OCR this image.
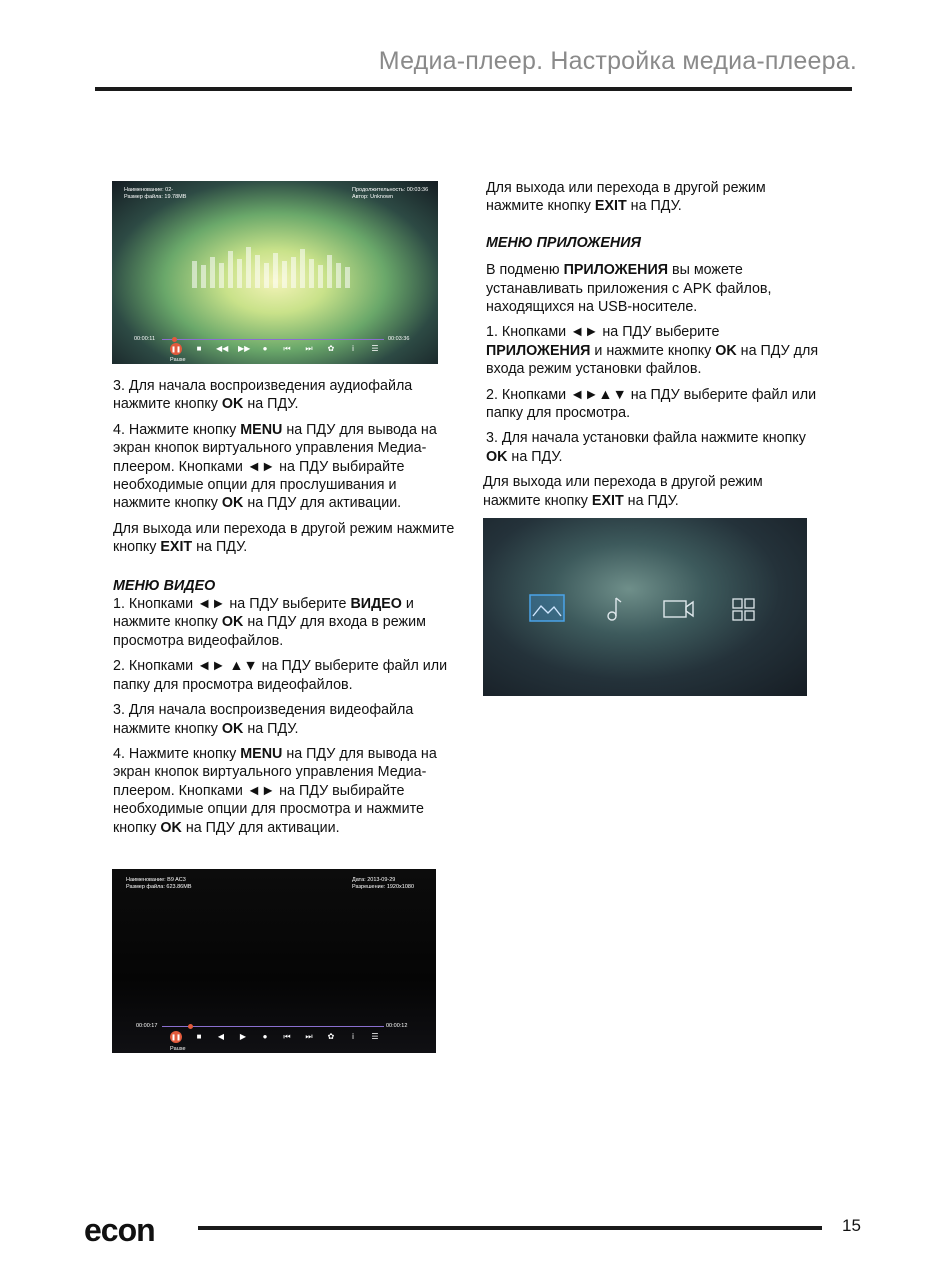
Медиа-плеер. Настройка медиа-плеера.
Наименование: 02-
Размер файла: 19.78MB
Продолжительность: 00:03:36
Автор: Unknown
00:00:11	00:03:36
❚❚	■	◀◀ ▶▶	●	⏮ ⏭ ✿	i	☰
Pause

3. Для начала воспроизведения аудиофайла нажмите кнопку OK на ПДУ.

4. Нажмите кнопку MENU на ПДУ для вывода на экран кнопок виртуального управления Медиа-плеером. Кнопками ◄► на ПДУ выбирайте необходимые опции для прослушивания и нажмите кнопку OK на ПДУ для активации.

Для выхода или перехода в другой режим нажмите кнопку EXIT на ПДУ.

МЕНЮ ВИДЕО

1. Кнопками ◄► на ПДУ выберите ВИДЕО и нажмите кнопку OK на ПДУ для входа в режим просмотра видеофайлов.

2. Кнопками ◄► ▲▼ на ПДУ выберите файл или папку для просмотра видеофайлов.

3. Для начала воспроизведения видеофайла нажмите кнопку OK на ПДУ.

4. Нажмите кнопку MENU на ПДУ для вывода на экран кнопок виртуального управления Медиа-плеером. Кнопками ◄► на ПДУ выбирайте необходимые опции для просмотра и нажмите кнопку OK на ПДУ для активации.

Наименование: B9 AC3
Размер файла: 623.86MB
Дата: 2013-09-29
Разрешение: 1920x1080
00:00:17	00:00:12
❚❚	■	◀ ▶	●	⏮ ⏭ ✿	i	☰
Pause

Для выхода или перехода в другой режим нажмите кнопку EXIT на ПДУ.

МЕНЮ ПРИЛОЖЕНИЯ

В подменю ПРИЛОЖЕНИЯ вы можете устанавливать приложения с APK файлов, находящихся на USB-носителе.

1. Кнопками ◄► на ПДУ выберите ПРИЛОЖЕНИЯ и нажмите кнопку OK на ПДУ для входа режим установки файлов.

2. Кнопками ◄►▲▼ на ПДУ выберите файл или папку для просмотра.

3. Для начала установки файла нажмите кнопку OK на ПДУ.

Для выхода или перехода в другой режим нажмите кнопку EXIT на ПДУ.

econ	15
